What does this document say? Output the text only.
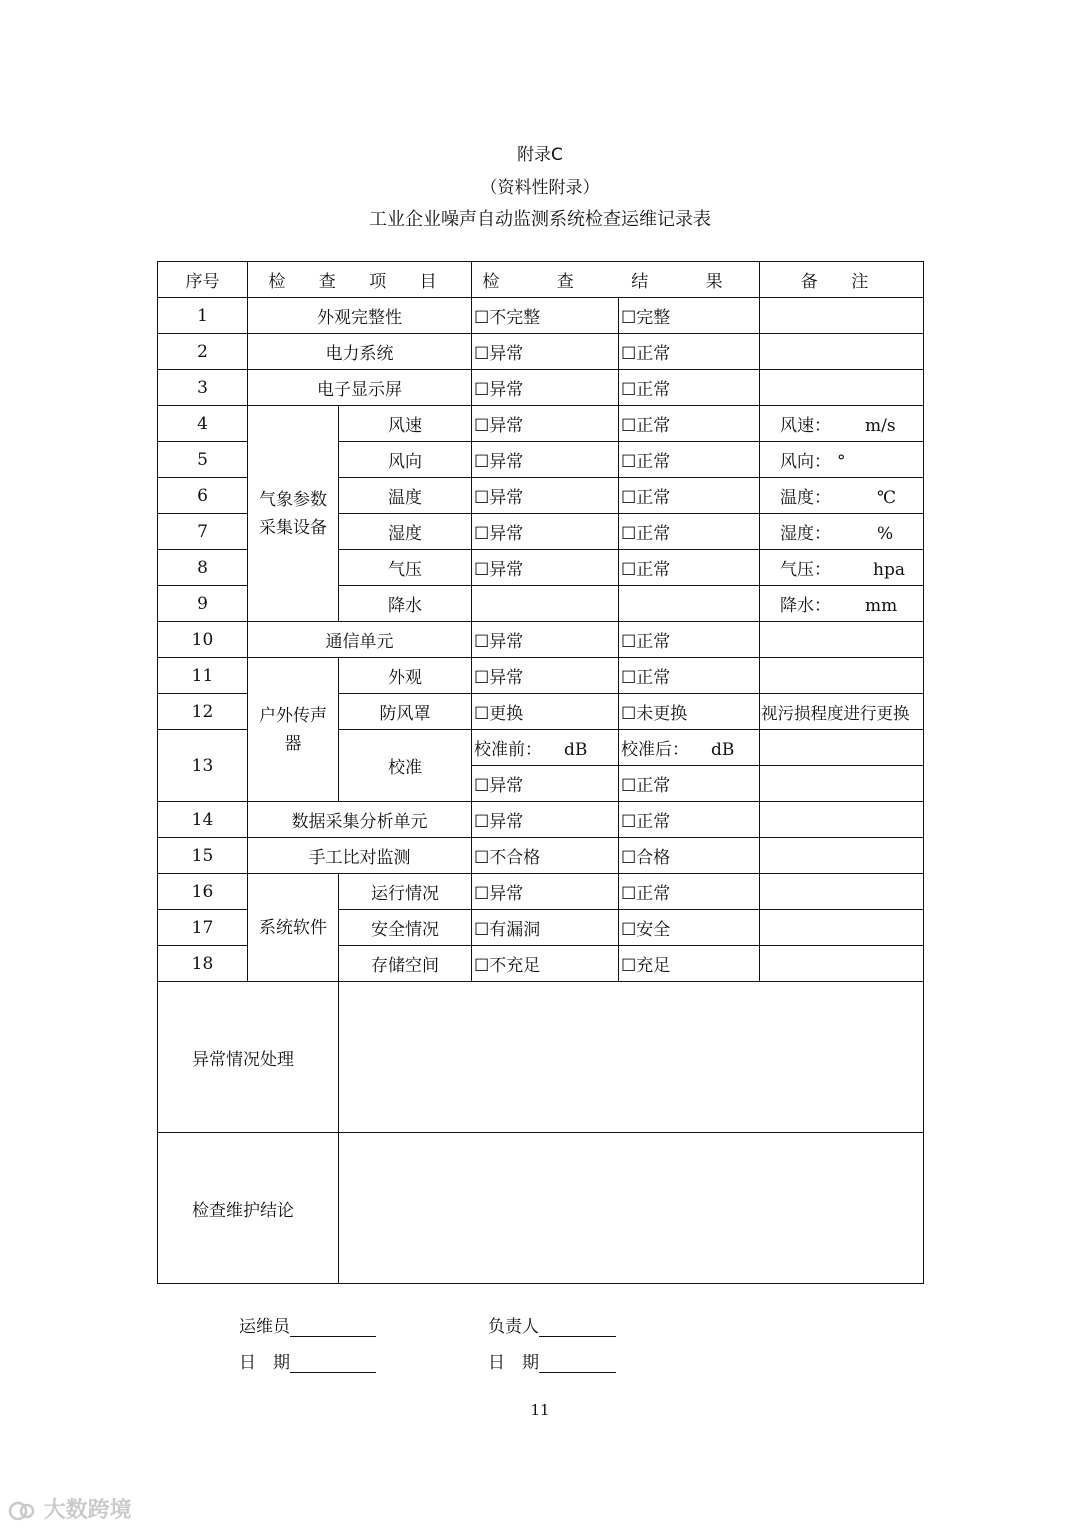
附录C
（资料性附录）
工业企业噪声自动监测系统检查运维记录表
序号	检 查 项 目		检 查 结 果		备 注
1	外观完整性		☐不完整	☐完整	
2	电力系统		☐异常	☐正常	
3	电子显示屏		☐异常	☐正常	
4	气象参数采集设备	风速	☐异常	☐正常	风速： m/s
5		风向	☐异常	☐正常	风向： °
6		温度	☐异常	☐正常	温度： ℃
7		湿度	☐异常	☐正常	湿度： %
8		气压	☐异常	☐正常	气压： hpa
9		降水			降水： mm
10	通信单元		☐异常	☐正常	
11	户外传声器	外观	☐异常	☐正常	
12		防风罩	☐更换	☐未更换	视污损程度进行更换
13		校准	校准前： dB	校准后： dB	
			☐异常	☐正常	
14	数据采集分析单元		☐异常	☐正常	
15	手工比对监测		☐不合格	☐合格	
16	系统软件	运行情况	☐异常	☐正常	
17		安全情况	☐有漏洞	☐安全	
18		存储空间	☐不充足	☐充足	
异常情况处理					
检查维护结论					
运维员	负责人
日　期	日　期
11
大数跨境
